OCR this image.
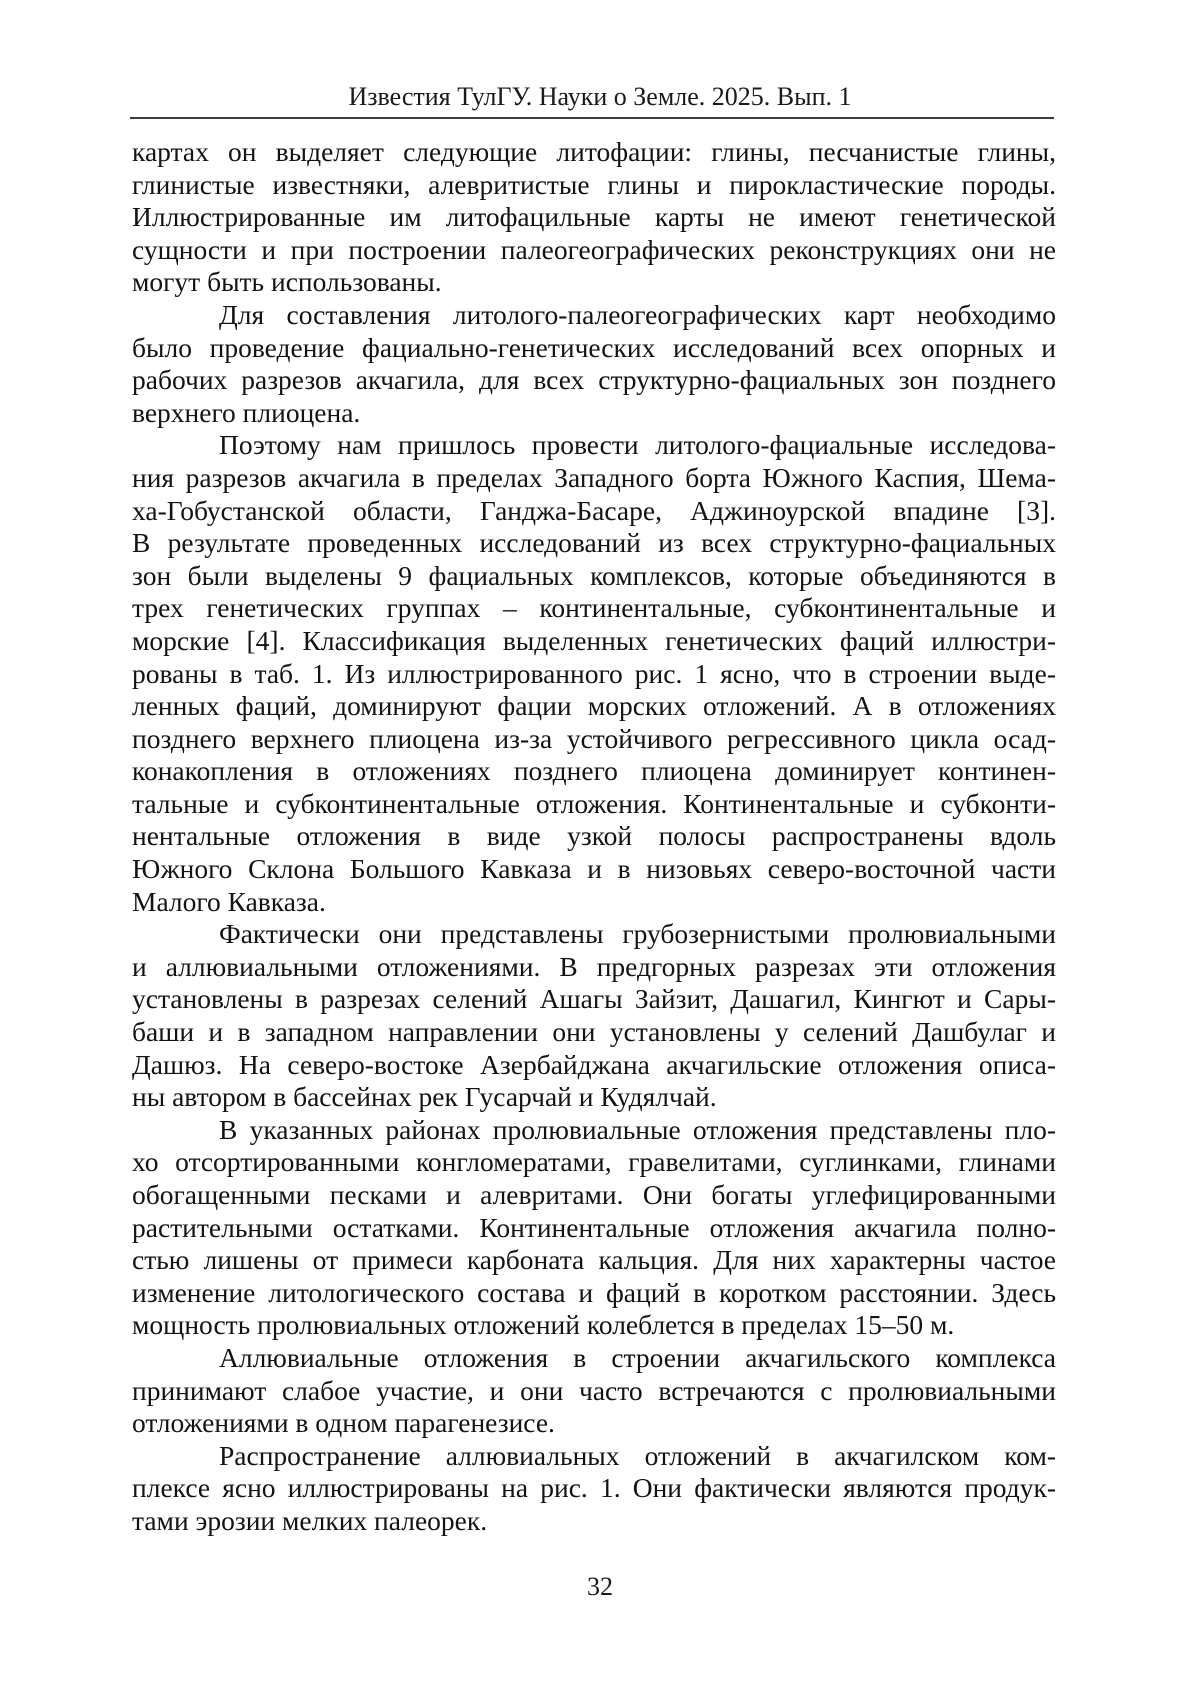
Известия ТулГУ. Науки о Земле. 2025. Вып. 1
картах он выделяет следующие литофации: глины, песчанистые глины,
глинистые известняки, алевритистые глины и пирокластические породы.
Иллюстрированные им литофацильные карты не имеют генетической
сущности и при построении палеогеографических реконструкциях они не
могут быть использованы.
Для составления литолого-палеогеографических карт необходимо
было проведение фациально-генетических исследований всех опорных и
рабочих разрезов акчагила, для всех структурно-фациальных зон позднего
верхнего плиоцена.
Поэтому нам пришлось провести литолого-фациальные исследова-
ния разрезов акчагила в пределах Западного борта Южного Каспия, Шема-
ха-Гобустанской области, Ганджа-Басаре, Аджиноурской впадине [3].
В результате проведенных исследований из всех структурно-фациальных
зон были выделены 9 фациальных комплексов, которые объединяются в
трех генетических группах – континентальные, субконтинентальные и
морские [4]. Классификация выделенных генетических фаций иллюстри-
рованы в таб. 1. Из иллюстрированного рис. 1 ясно, что в строении выде-
ленных фаций, доминируют фации морских отложений. А в отложениях
позднего верхнего плиоцена из-за устойчивого регрессивного цикла осад-
конакопления в отложениях позднего плиоцена доминирует континен-
тальные и субконтинентальные отложения. Континентальные и субконти-
нентальные отложения в виде узкой полосы распространены вдоль
Южного Склона Большого Кавказа и в низовьях северо-восточной части
Малого Кавказа.
Фактически они представлены грубозернистыми пролювиальными
и аллювиальными отложениями. В предгорных разрезах эти отложения
установлены в разрезах селений Ашагы Зайзит, Дашагил, Кингют и Сары-
баши и в западном направлении они установлены у селений Дашбулаг и
Дашюз. На северо-востоке Азербайджана акчагильские отложения описа-
ны автором в бассейнах рек Гусарчай и Кудялчай.
В указанных районах пролювиальные отложения представлены пло-
хо отсортированными конгломератами, гравелитами, суглинками, глинами
обогащенными песками и алевритами. Они богаты углефицированными
растительными остатками. Континентальные отложения акчагила полно-
стью лишены от примеси карбоната кальция. Для них характерны частое
изменение литологического состава и фаций в коротком расстоянии. Здесь
мощность пролювиальных отложений колеблется в пределах 15–50 м.
Аллювиальные отложения в строении акчагильского комплекса
принимают слабое участие, и они часто встречаются с пролювиальными
отложениями в одном парагенезисе.
Распространение аллювиальных отложений в акчагилском ком-
плексе ясно иллюстрированы на рис. 1. Они фактически являются продук-
тами эрозии мелких палеорек.
32
